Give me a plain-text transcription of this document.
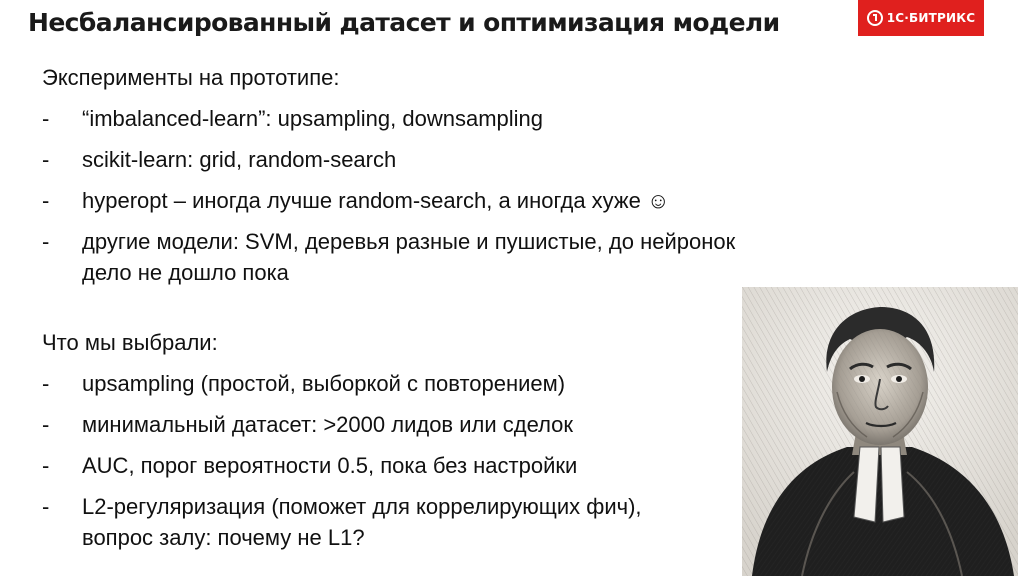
Несбалансированный датасет и оптимизация модели	1С·БИТРИКС
Эксперименты на прототипе:
-	“imbalanced-learn”: upsampling, downsampling
-	scikit-learn: grid, random-search
-	hyperopt – иногда лучше random-search, а иногда хуже ☺
-	другие модели: SVM, деревья разные и пушистые, до нейронок
дело не дошло пока
Что мы выбрали:
-	upsampling (простой, выборкой с повторением)
-	минимальный датасет: >2000 лидов или сделок
-	AUC, порог вероятности 0.5, пока без настройки
-	L2-регуляризация (поможет для коррелирующих фич),
вопрос залу: почему не L1?
